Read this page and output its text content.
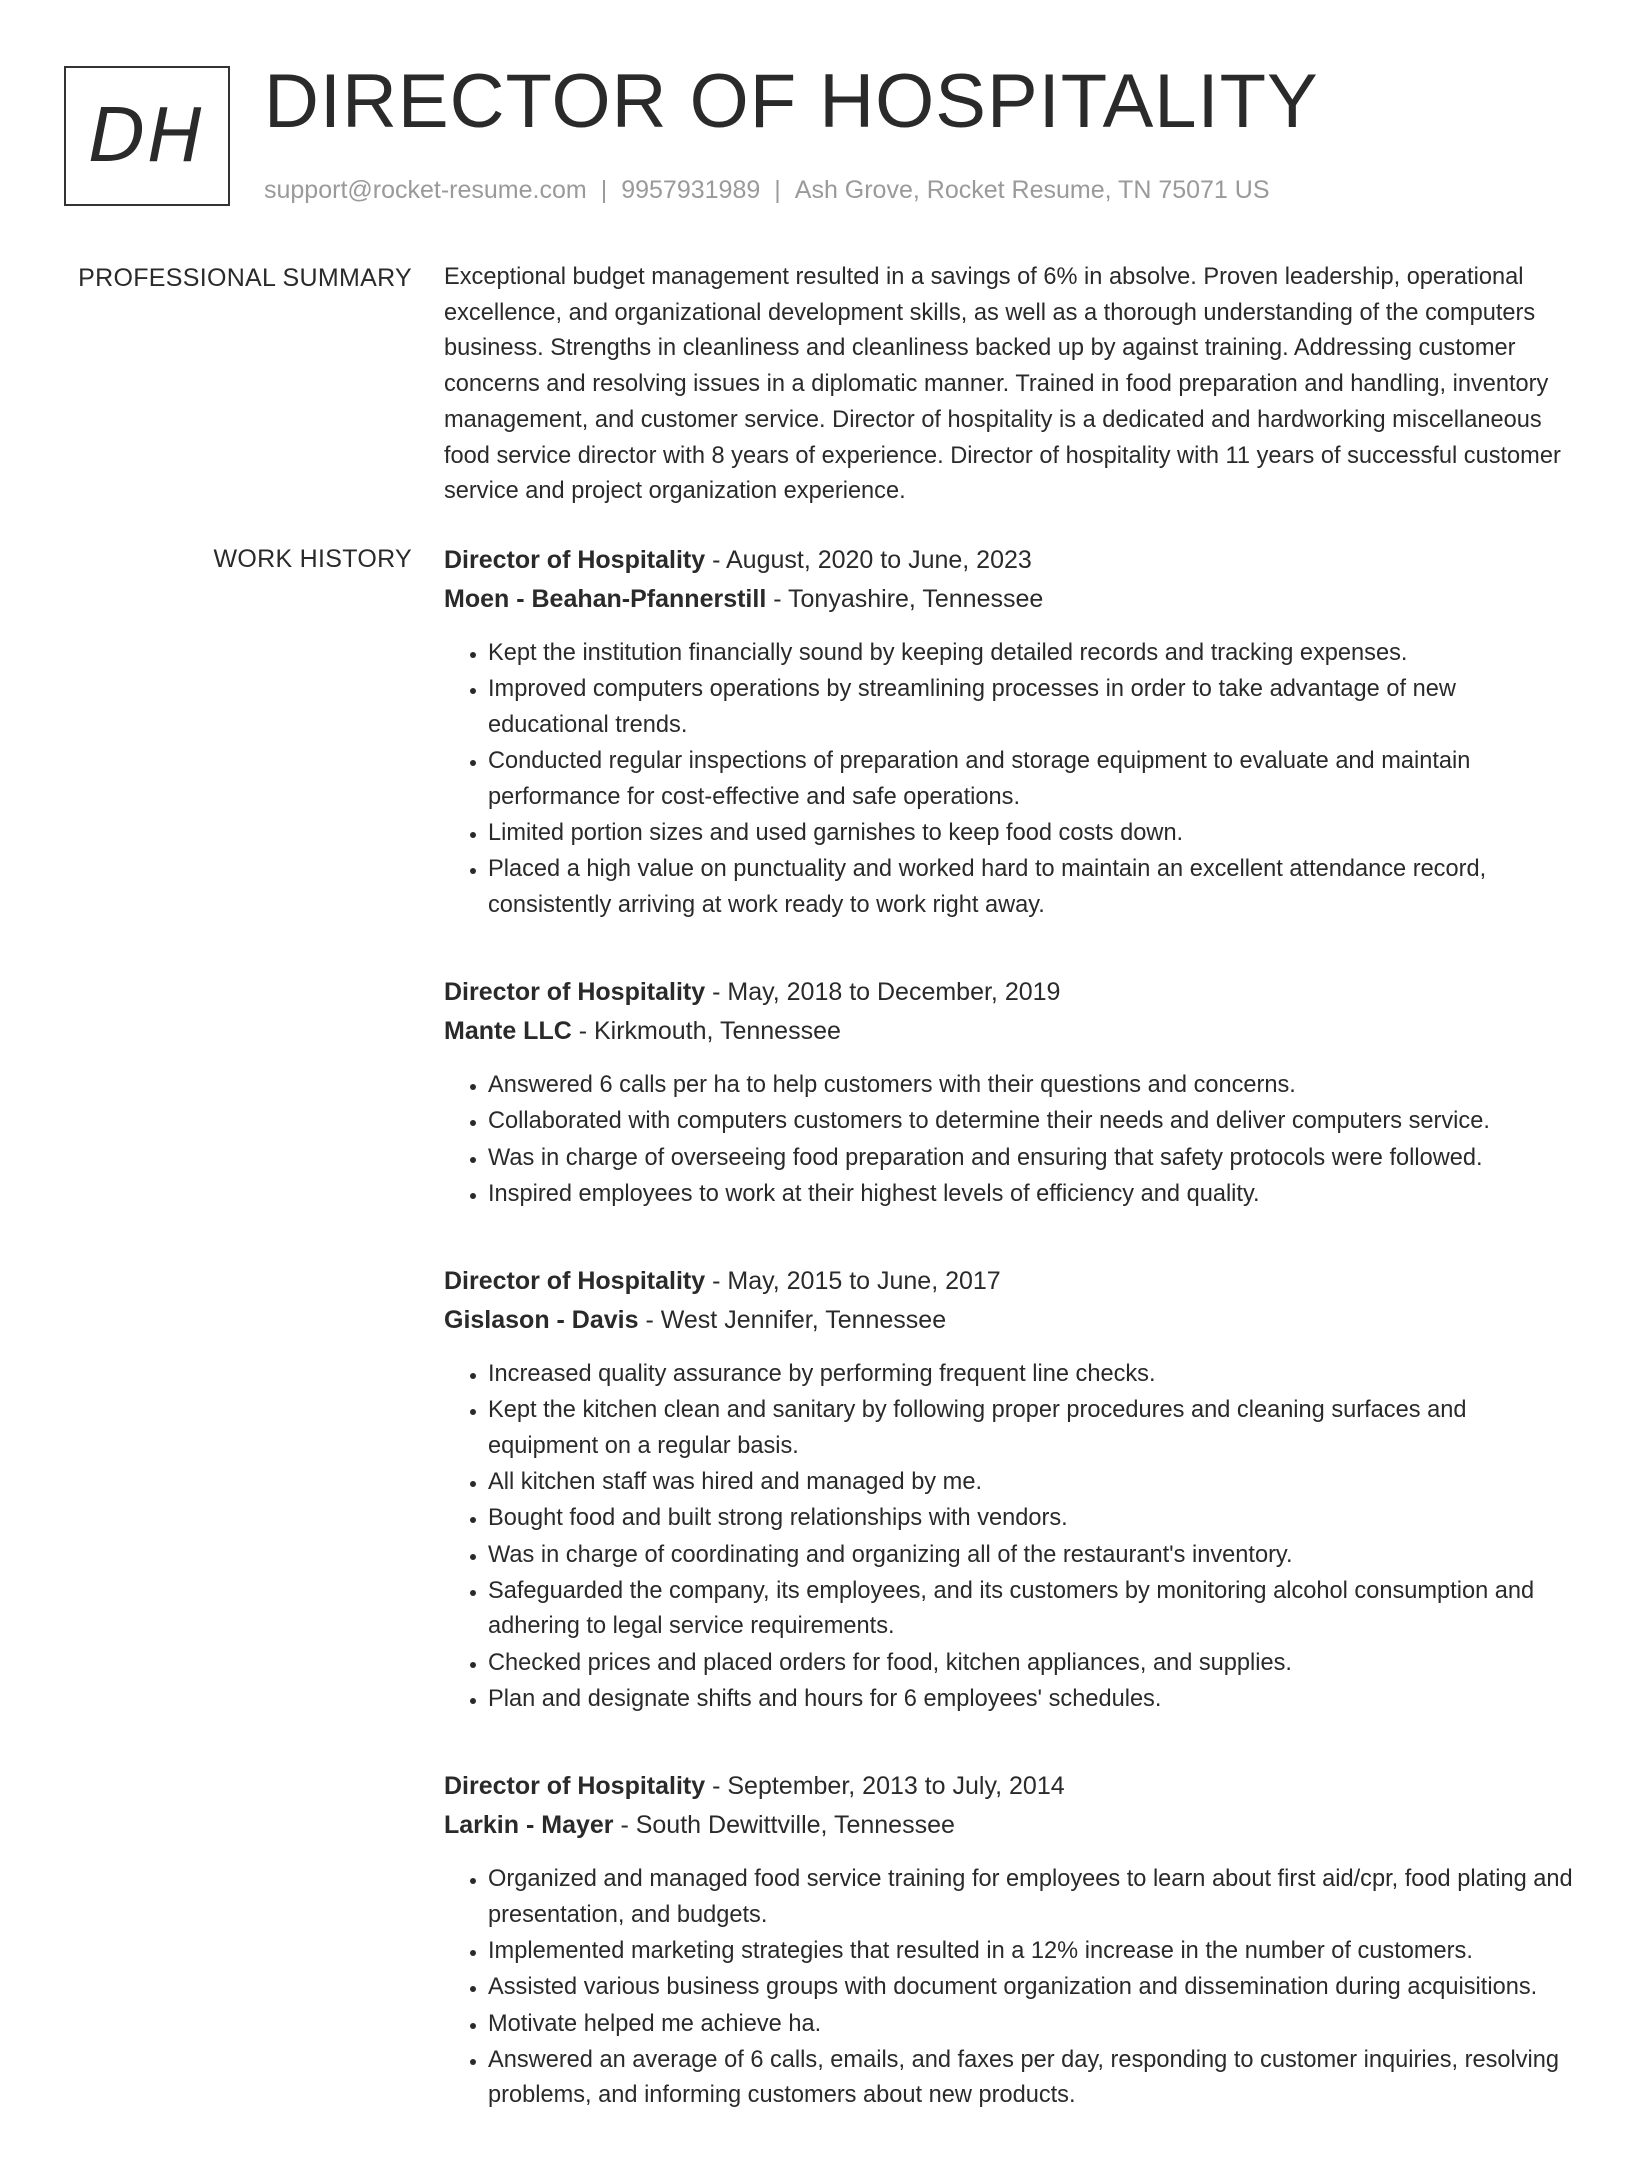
DH DIRECTOR OF HOSPITALITY
support@rocket-resume.com | 9957931989 | Ash Grove, Rocket Resume, TN 75071 US
PROFESSIONAL SUMMARY Exceptional budget management resulted in a savings of 6% in absolve. Proven leadership, operational excellence, and organizational development skills, as well as a thorough understanding of the computers business. Strengths in cleanliness and cleanliness backed up by against training. Addressing customer concerns and resolving issues in a diplomatic manner. Trained in food preparation and handling, inventory management, and customer service. Director of hospitality is a dedicated and hardworking miscellaneous food service director with 8 years of experience. Director of hospitality with 11 years of successful customer service and project organization experience.

WORK HISTORY Director of Hospitality - August, 2020 to June, 2023
Moen - Beahan-Pfannerstill - Tonyashire, Tennessee
• Kept the institution financially sound by keeping detailed records and tracking expenses.
• Improved computers operations by streamlining processes in order to take advantage of new educational trends.
• Conducted regular inspections of preparation and storage equipment to evaluate and maintain performance for cost-effective and safe operations.
• Limited portion sizes and used garnishes to keep food costs down.
• Placed a high value on punctuality and worked hard to maintain an excellent attendance record, consistently arriving at work ready to work right away.
Director of Hospitality - May, 2018 to December, 2019
Mante LLC - Kirkmouth, Tennessee
• Answered 6 calls per ha to help customers with their questions and concerns.
• Collaborated with computers customers to determine their needs and deliver computers service.
• Was in charge of overseeing food preparation and ensuring that safety protocols were followed.
• Inspired employees to work at their highest levels of efficiency and quality.
Director of Hospitality - May, 2015 to June, 2017
Gislason - Davis - West Jennifer, Tennessee
• Increased quality assurance by performing frequent line checks.
• Kept the kitchen clean and sanitary by following proper procedures and cleaning surfaces and equipment on a regular basis.
• All kitchen staff was hired and managed by me.
• Bought food and built strong relationships with vendors.
• Was in charge of coordinating and organizing all of the restaurant's inventory.
• Safeguarded the company, its employees, and its customers by monitoring alcohol consumption and adhering to legal service requirements.
• Checked prices and placed orders for food, kitchen appliances, and supplies.
• Plan and designate shifts and hours for 6 employees' schedules.
Director of Hospitality - September, 2013 to July, 2014
Larkin - Mayer - South Dewittville, Tennessee
• Organized and managed food service training for employees to learn about first aid/cpr, food plating and presentation, and budgets.
• Implemented marketing strategies that resulted in a 12% increase in the number of customers.
• Assisted various business groups with document organization and dissemination during acquisitions.
• Motivate helped me achieve ha.
• Answered an average of 6 calls, emails, and faxes per day, responding to customer inquiries, resolving problems, and informing customers about new products.
